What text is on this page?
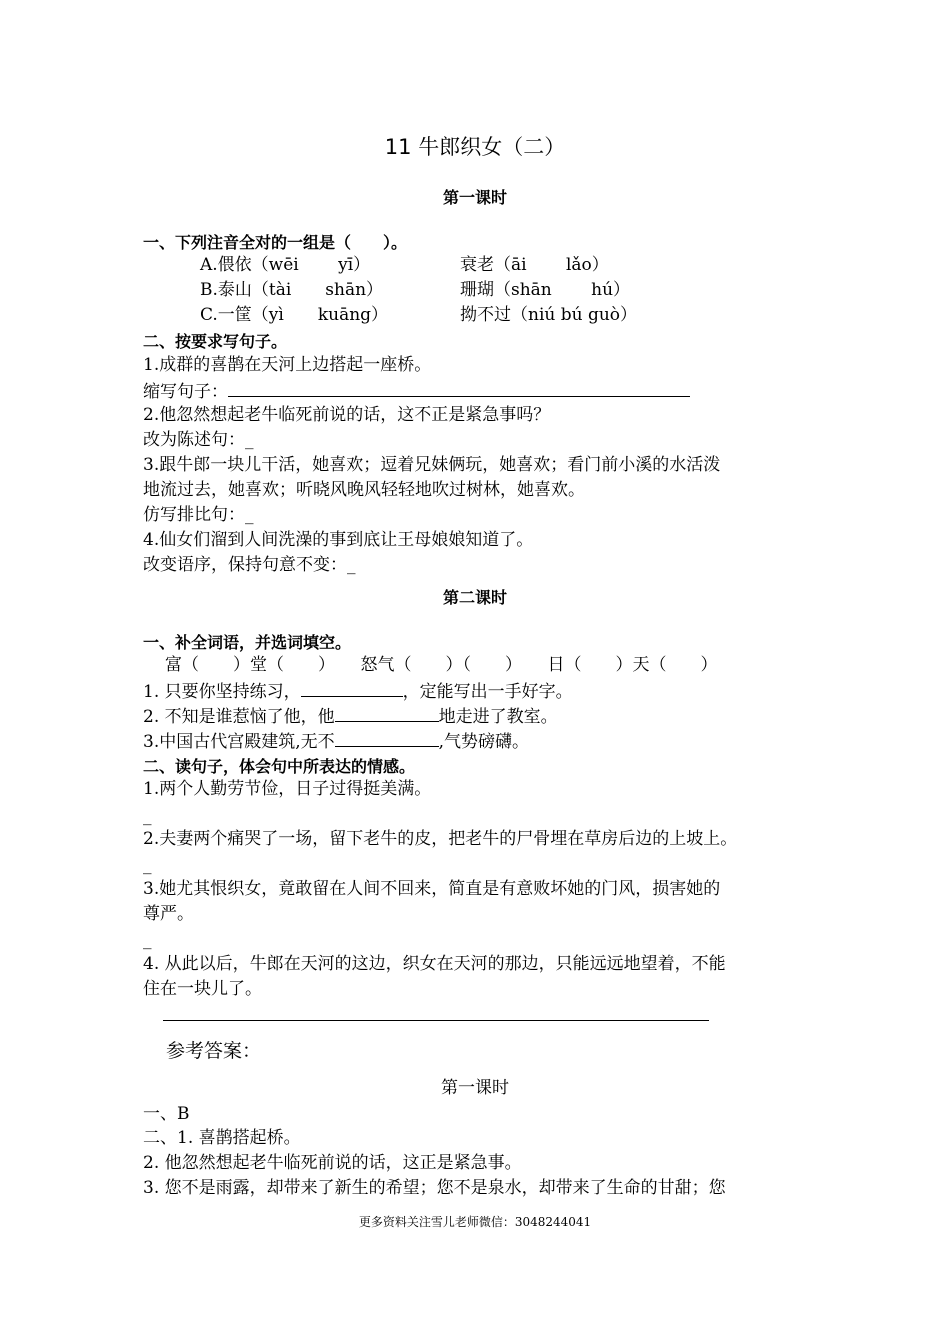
11 牛郎织女（二）
第一课时
一、下列注音全对的一组是（　　）。
A.偎依（wēi　　 yī）	衰老（āi　　 lǎo）
B.泰山（tài　　shān）	珊瑚（shān　　 hú）
C.一筐（yì　　kuāng）	拗不过（niú bú guò）
二、按要求写句子。
1.成群的喜鹊在天河上边搭起一座桥。
缩写句子：
2.他忽然想起老牛临死前说的话，这不正是紧急事吗？
改为陈述句：_
3.跟牛郎一块儿干活，她喜欢；逗着兄妹俩玩，她喜欢；看门前小溪的水活泼
地流过去，她喜欢；听晓风晚风轻轻地吹过树林，她喜欢。
仿写排比句：_
4.仙女们溜到人间洗澡的事到底让王母娘娘知道了。
改变语序，保持句意不变：_
第二课时
一、补全词语，并选词填空。
富（　　）堂（　　）　　怒气（　　）（　　）　　日（　　）天（　　）
1. 只要你坚持练习，	，定能写出一手好字。
2. 不知是谁惹恼了他，他	地走进了教室。
3.中国古代宫殿建筑,无不	,气势磅礴。
二、读句子，体会句中所表达的情感。
1.两个人勤劳节俭，日子过得挺美满。
_
2.夫妻两个痛哭了一场，留下老牛的皮，把老牛的尸骨埋在草房后边的上坡上。
_
3.她尤其恨织女，竟敢留在人间不回来，简直是有意败坏她的门风，损害她的
尊严。
_
4. 从此以后，牛郎在天河的这边，织女在天河的那边，只能远远地望着，不能
住在一块儿了。
参考答案：
第一课时
一、B
二、1. 喜鹊搭起桥。
2. 他忽然想起老牛临死前说的话，这正是紧急事。
3. 您不是雨露，却带来了新生的希望；您不是泉水，却带来了生命的甘甜；您
更多资料关注雪儿老师微信：3048244041
